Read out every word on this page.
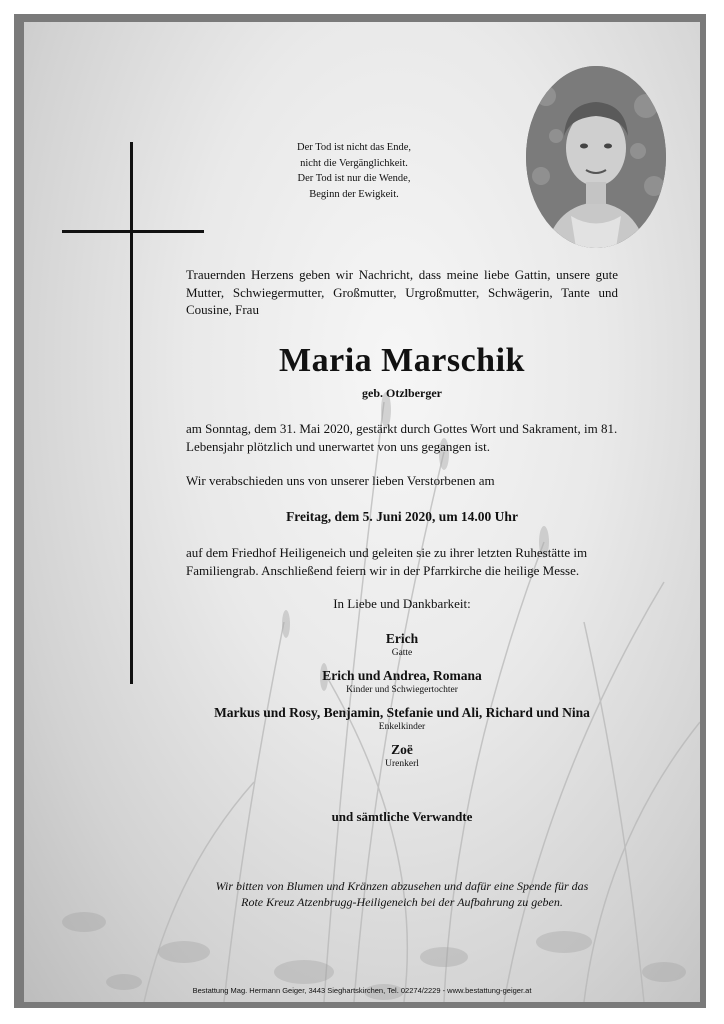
Der Tod ist nicht das Ende,
nicht die Vergänglichkeit.
Der Tod ist nur die Wende,
Beginn der Ewigkeit.
Trauernden Herzens geben wir Nachricht, dass meine liebe Gattin, unsere gute Mutter, Schwiegermutter, Großmutter, Urgroßmutter, Schwägerin, Tante und Cousine, Frau
Maria Marschik
geb. Otzlberger
am Sonntag, dem 31. Mai 2020, gestärkt durch Gottes Wort und Sakrament, im 81. Lebensjahr plötzlich und unerwartet von uns gegangen ist.
Wir verabschieden uns von unserer lieben Verstorbenen am
Freitag, dem 5. Juni 2020, um 14.00 Uhr
auf dem Friedhof Heiligeneich und geleiten sie zu ihrer letzten Ruhestätte im Familiengrab. Anschließend feiern wir in der Pfarrkirche die heilige Messe.
In Liebe und Dankbarkeit:
Erich
Gatte
Erich und Andrea, Romana
Kinder und Schwiegertochter
Markus und Rosy, Benjamin, Stefanie und Ali, Richard und Nina
Enkelkinder
Zoë
Urenkerl
und sämtliche Verwandte
Wir bitten von Blumen und Kränzen abzusehen und dafür eine Spende für das
Rote Kreuz Atzenbrugg-Heiligeneich bei der Aufbahrung zu geben.
Bestattung Mag. Hermann Geiger, 3443 Sieghartskirchen, Tel. 02274/2229 - www.bestattung-geiger.at
